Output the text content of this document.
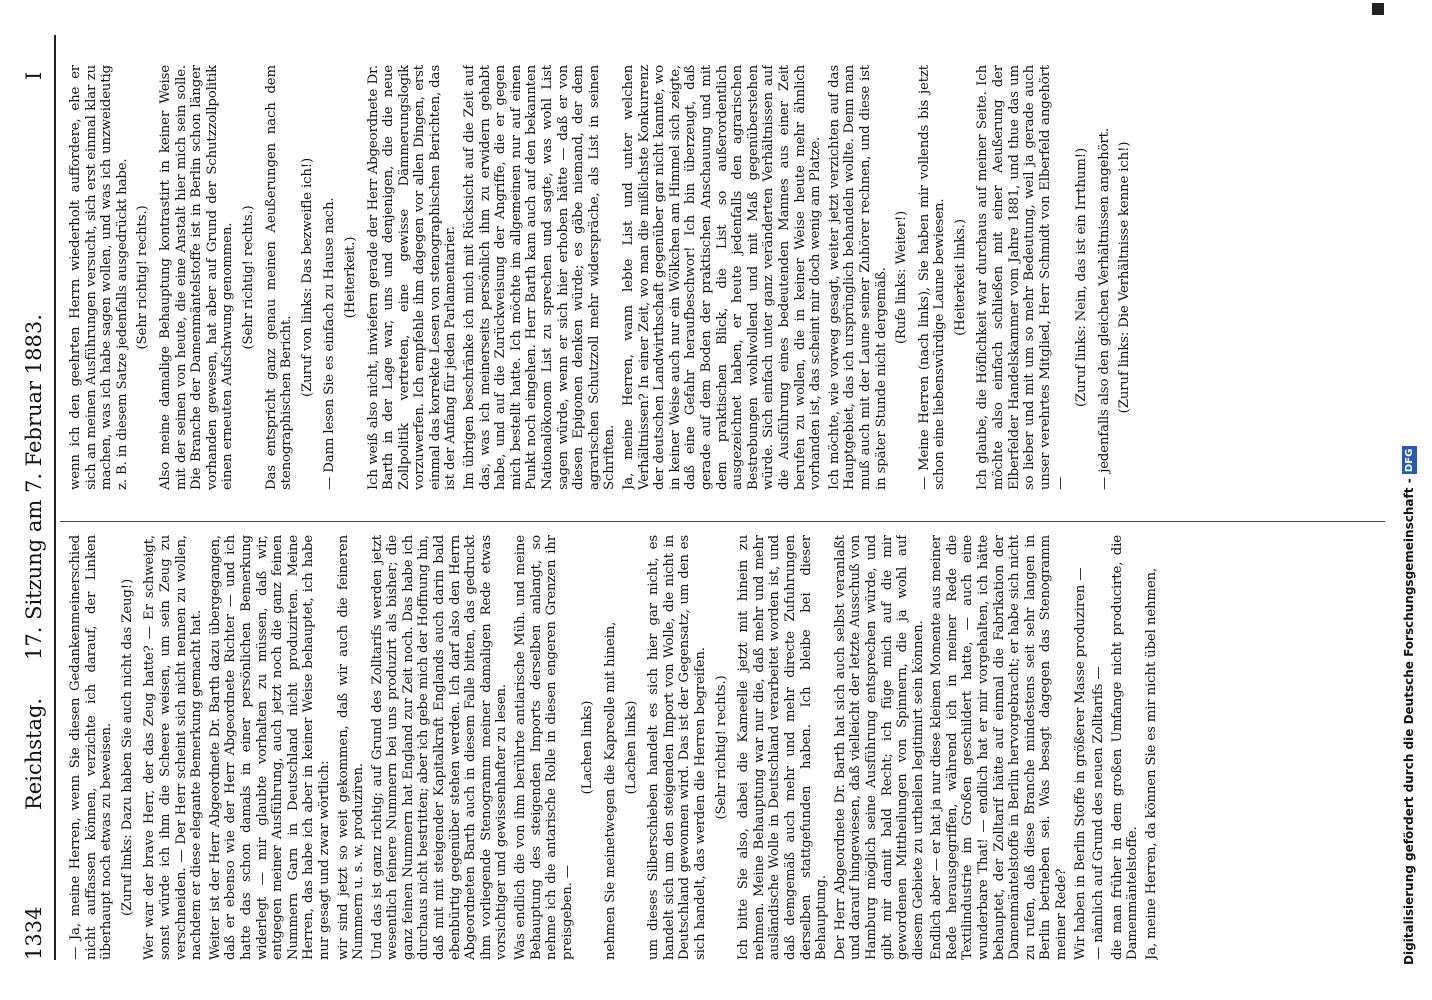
1334
Reichstag.
17. Sitzung am 7. Februar 1883.
I

— Ja, meine Herren, wenn Sie diesen Gedankenmeinerschied nicht auffassen können, verzichte ich darauf, der Linken überhaupt noch etwas zu beweisen. (Zuruf links: Dazu haben Sie auch nicht das Zeug!) Wer war der brave Herr, der das Zeug hatte? — Er schweigt, sonst würde ich ihm die Scheere weisen, um sein Zeug zu verschneiden. — Der Herr scheint sich nicht nennen zu wollen, nachdem er diese elegante Bemerkung gemacht hat. Weiter ist der Herr Abgeordnete Dr. Barth dazu übergegangen, daß er ebenso wie der Herr Abgeordnete Richter — und ich hatte das schon damals in einer persönlichen Bemerkung widerlegt — mir glaubte vorhalten zu müssen, daß wir, entgegen meiner Ausführung, auch jetzt noch die ganz feinen Nummern Garn in Deutschland nicht produzirten. Meine Herren, das habe ich aber in keiner Weise behauptet, ich habe nur gesagt und zwar wörtlich: wir sind jetzt so weit gekommen, daß wir auch die feineren Nummern u. s. w. produziren. Und das ist ganz richtig; auf Grund des Zolltarifs werden jetzt wesentlich feinere Nummern bei uns produzirt als bisher; die ganz feinen Nummern hat England zur Zeit noch. Das habe ich durchaus nicht bestritten; aber ich gebe mich der Hoffnung hin, daß mit mit steigender Kapitalkraft Englands auch darin bald ebenbürtig gegenüber stehen werden. Ich darf also den Herrn Abgeordneten Barth auch in diesem Falle bitten, das gedruckt ihm vorliegende Stenogramm meiner damaligen Rede etwas vorsichtiger und gewissenhafter zu lesen. Was endlich die von ihm berührte antiarische Müh. und meine Behauptung des steigenden Imports derselben anlangt, so nehme ich die antarische Rolle in diesen engeren Grenzen ihr preisgeben. —

(Lachen links) nehmen Sie meinetwegen die Kapreolle mit hinein, (Lachen links) um dieses Silberschieben handelt es sich hier gar nicht, es handelt sich um den steigenden Import von Wolle, die nicht in Deutschland gewonnen wird. Das ist der Gegensatz, um den es sich handelt, das werden die Herren begreifen. (Sehr richtig! rechts.) Ich bitte Sie also, dabei die Kameelle jetzt mit hinein zu nehmen. Meine Behauptung war nur die, daß mehr und mehr ausländische Wolle in Deutschland verarbeitet worden ist, und daß demgemäß auch mehr und mehr directe Zufuhrungen derselben stattgefunden haben. Ich bleibe bei dieser Behauptung. Der Herr Abgeordnete Dr. Barth hat sich auch selbst veranlaßt und darauf hingewiesen, daß vielleicht der letzte Ausschuß von Hamburg möglich seine Ausführung entsprechen würde, und gibt mir damit bald Recht; ich füge mich auf die mir gewordenen Mittheilungen von Spinnern, die ja wohl auf diesem Gebiete zu urtheilen legitimirt sein können. Endlich aber — er hat ja nur diese kleinen Momente aus meiner Rede herausgegriffen, während ich in meiner Rede die Textilindustrie im Großen geschildert hatte, — auch eine wunderbare That! — endlich hat er mir vorgehalten, ich hätte behauptet, der Zolltarif hätte auf einmal die Fabrikation der Damenmäntelstoffe in Berlin hervorgebracht; er habe sich nicht zu rufen, daß diese Branche mindestens seit sehr langen in Berlin betrieben sei. Was besagt dagegen das Stenogramm meiner Rede? Wir haben in Berlin Stoffe in größerer Masse produziren — — nämlich auf Grund des neuen Zolltarifs — die man früher in dem großen Umfange nicht producirte, die Damenmäntelstoffe. Ja, meine Herren, da können Sie es mir nicht übel nehmen,

wenn ich den geehrten Herrn wiederholt auffordere, ehe er sich an meinen Ausführungen versucht, sich erst einmal klar zu machen, was ich habe sagen wollen, und was ich unzweideutig z. B. in diesem Satze jedenfalls ausgedrückt habe. (Sehr richtig! rechts.) Also meine damalige Behauptung kontrastirt in keiner Weise mit der seinen von heute, die eine Anstalt hier mich sein solle. Die Branche der Damenmäntelstoffe ist in Berlin schon länger vorhanden gewesen, hat aber auf Grund der Schutzzollpolitik einen erneuten Aufschwung genommen. (Sehr richtig! rechts.) Das entspricht ganz genau meinen Aeußerungen nach dem stenographischen Bericht.

(Zuruf von links: Das bezweifle ich!) — Dann lesen Sie es einfach zu Hause nach. (Heiterkeit.) Ich weiß also nicht, inwiefern gerade der Herr Abgeordnete Dr. Barth in der Lage war, uns und denjenigen, die die neue Zollpolitik vertreten, eine gewisse Dämmerungslogik vorzuwerfen. Ich empfehle ihm dagegen vor allen Dingen, erst einmal das korrekte Lesen von stenographischen Berichten, das ist der Anfang für jeden Parlamentarier. Im übrigen beschränke ich mich mit Rücksicht auf die Zeit auf das, was ich meinerseits persönlich ihm zu erwidern gehabt habe, und auf die Zurückweisung der Angriffe, die er gegen mich bestellt hatte. Ich möchte im allgemeinen nur auf einen Punkt noch eingehen. Herr Barth kam auch auf den bekannten Nationalökonom List zu sprechen und sagte, was wohl List sagen würde, wenn er sich hier erhoben hätte — daß er von diesen Epigonen denken würde; es gäbe niemand, der dem agrarischen Schutzzoll mehr widerspräche, als List in seinen Schriften. Ja, meine Herren, wann lebte List und unter welchen Verhältnissen? In einer Zeit, wo man die mißlichste Konkurrenz der deutschen Landwirthschaft gegenüber gar nicht kannte, wo in keiner Weise auch nur ein Wölkchen am Himmel sich zeigte, daß eine Gefahr heraufbeschwor! Ich bin überzeugt, daß gerade auf dem Boden der praktischen Anschauung und mit dem praktischen Blick, die List so außerordentlich ausgezeichnet haben, er heute jedenfalls den agrarischen Bestrebungen wohlwollend und mit Maß gegenüberstehen würde. Sich einfach unter ganz veränderten Verhältnissen auf die Ausführung eines bedeutenden Mannes aus einer Zeit berufen zu wollen, die in keiner Weise heute mehr ähnlich vorhanden ist, das scheint mir doch wenig am Platze. Ich möchte, wie vorweg gesagt, weiter jetzt verzichten auf das Hauptgebiet, das ich ursprünglich behandeln wollte. Denn man muß auch mit der Laune seiner Zuhörer rechnen, und diese ist in später Stunde nicht dergemäß. (Rufe links: Weiter!) — Meine Herren (nach links), Sie haben mir vollends bis jetzt schon eine liebenswürdige Laune bewiesen. (Heiterkeit links.) Ich glaube, die Höflichkeit war durchaus auf meiner Seite. Ich möchte also einfach schließen mit einer Aeußerung der Elberfelder Handelskammer vom Jahre 1881, und thue das um so lieber und mit um so mehr Bedeutung, weil ja gerade auch unser verehrtes Mitglied, Herr Schmidt von Elberfeld angehört —

(Zuruf links: Nein, das ist ein Irrthum!) — jedenfalls also den gleichen Verhältnissen angehört. (Zuruf links: Die Verhältnisse kenne ich!)

Digitalisierung gefördert durch die Deutsche Forschungsgemeinschaft -DFG
